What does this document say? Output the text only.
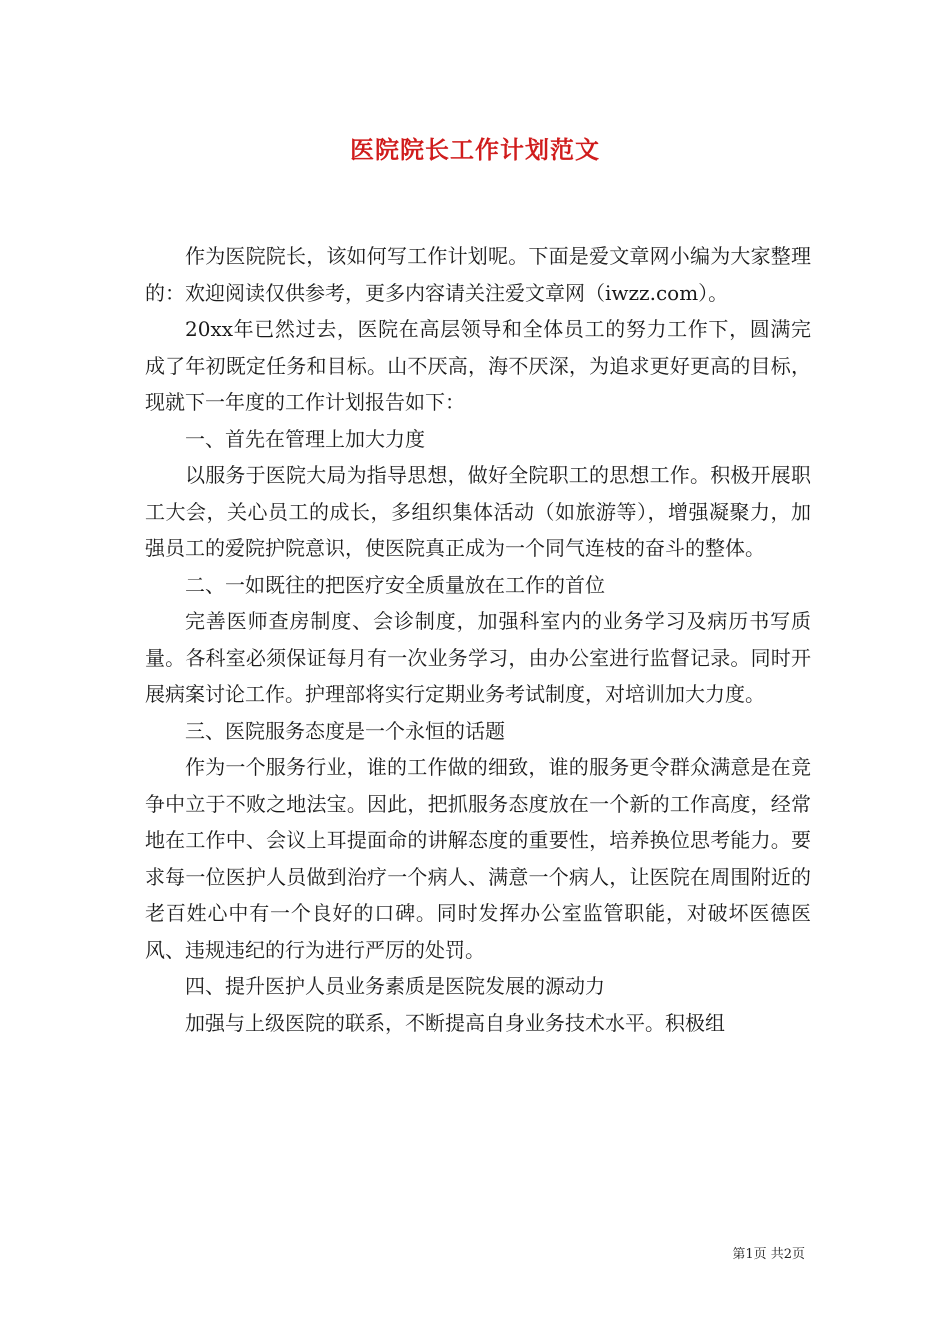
医院院长工作计划范文

作为医院院长，该如何写工作计划呢。下面是爱文章网小编为大家整理的：欢迎阅读仅供参考，更多内容请关注爱文章网（iwzz.com）。

20xx年已然过去，医院在高层领导和全体员工的努力工作下，圆满完成了年初既定任务和目标。山不厌高，海不厌深，为追求更好更高的目标，现就下一年度的工作计划报告如下：

一、首先在管理上加大力度

以服务于医院大局为指导思想，做好全院职工的思想工作。积极开展职工大会，关心员工的成长，多组织集体活动（如旅游等），增强凝聚力，加强员工的爱院护院意识，使医院真正成为一个同气连枝的奋斗的整体。

二、一如既往的把医疗安全质量放在工作的首位

完善医师查房制度、会诊制度，加强科室内的业务学习及病历书写质量。各科室必须保证每月有一次业务学习，由办公室进行监督记录。同时开展病案讨论工作。护理部将实行定期业务考试制度，对培训加大力度。

三、医院服务态度是一个永恒的话题

作为一个服务行业，谁的工作做的细致，谁的服务更令群众满意是在竞争中立于不败之地法宝。因此，把抓服务态度放在一个新的工作高度，经常地在工作中、会议上耳提面命的讲解态度的重要性，培养换位思考能力。要求每一位医护人员做到治疗一个病人、满意一个病人，让医院在周围附近的老百姓心中有一个良好的口碑。同时发挥办公室监管职能，对破坏医德医风、违规违纪的行为进行严厉的处罚。

四、提升医护人员业务素质是医院发展的源动力

加强与上级医院的联系，不断提高自身业务技术水平。积极组

第1页 共2页
